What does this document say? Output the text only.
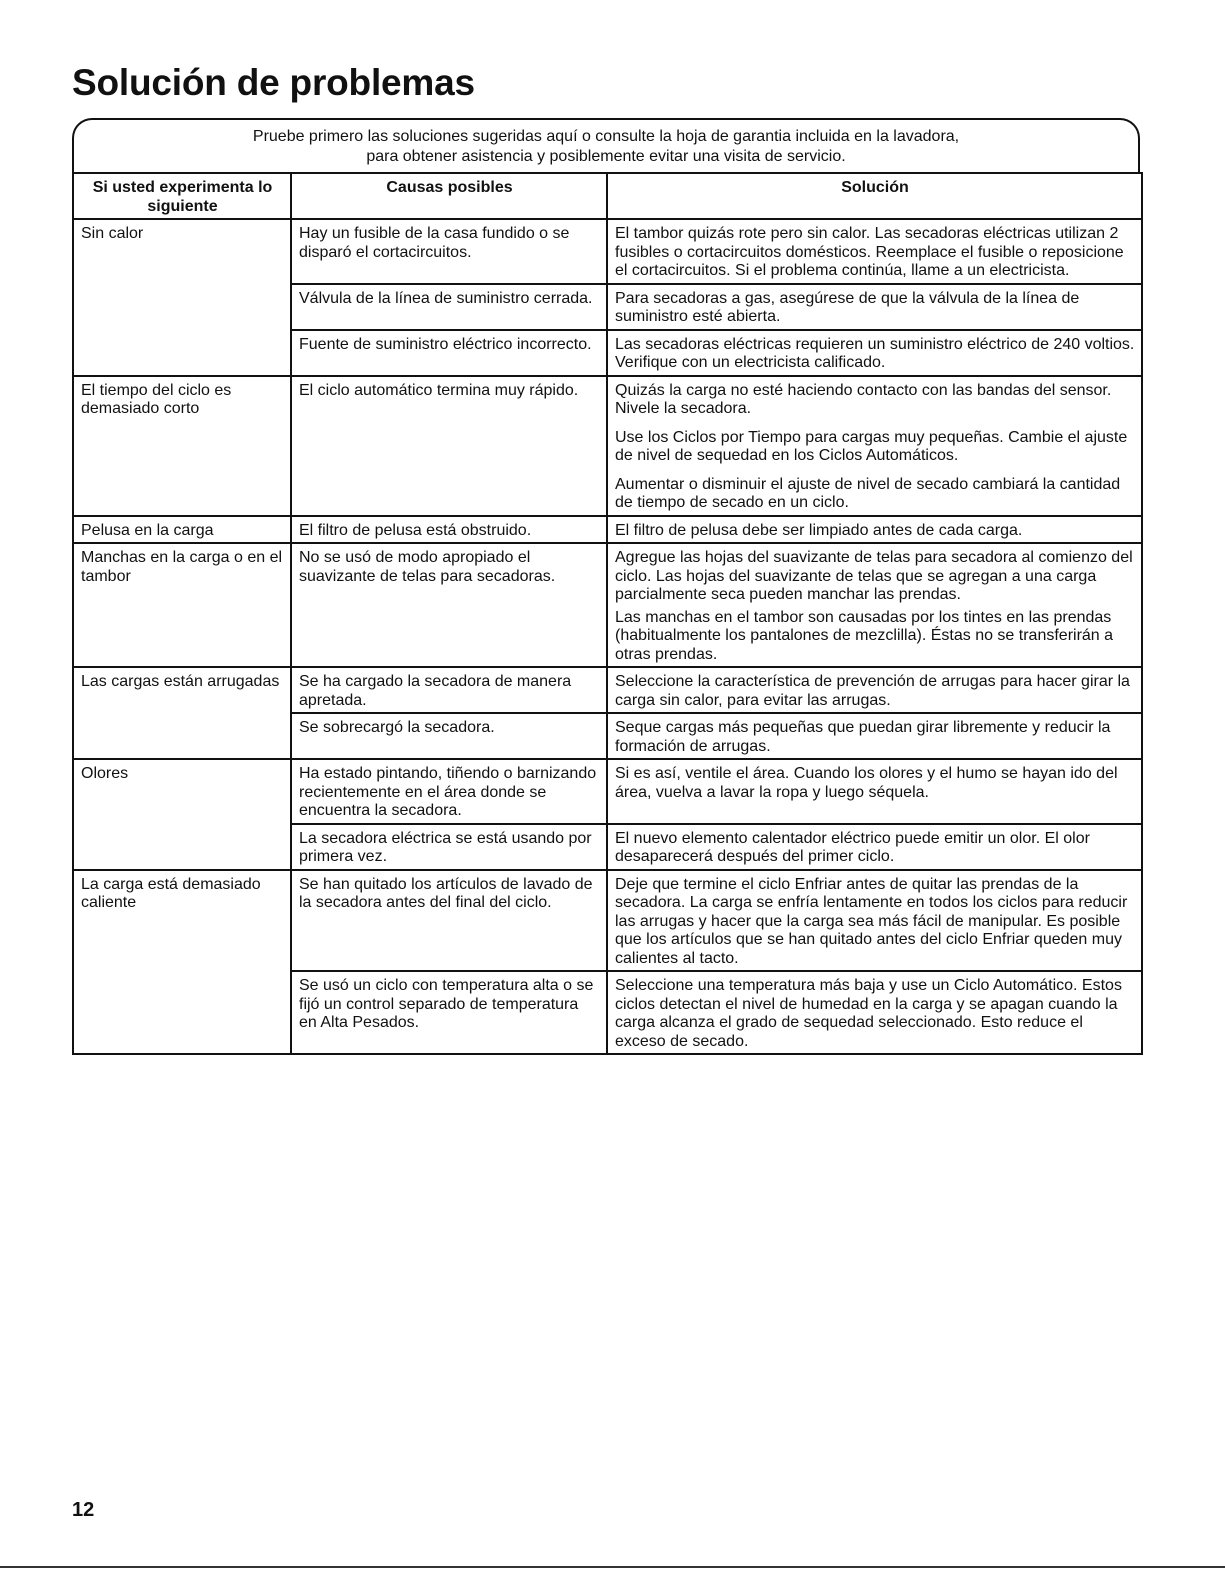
Solución de problemas
Pruebe primero las soluciones sugeridas aquí o consulte la hoja de garantia incluida en la lavadora,
para obtener asistencia y posiblemente evitar una visita de servicio.
Si usted experimenta lo siguiente	Causas posibles	Solución
Sin calor	Hay un fusible de la casa fundido o se disparó el cortacircuitos.	El tambor quizás rote pero sin calor. Las secadoras eléctricas utilizan 2 fusibles o cortacircuitos domésticos. Reemplace el fusible o reposicione el cortacircuitos. Si el problema continúa, llame a un electricista.

	Válvula de la línea de suministro cerrada.	Para secadoras a gas, asegúrese de que la válvula de la línea de suministro esté abierta.

	Fuente de suministro eléctrico incorrecto.	Las secadoras eléctricas requieren un suministro eléctrico de 240 voltios. Verifique con un electricista calificado.

El tiempo del ciclo es demasiado corto	El ciclo automático termina muy rápido.	Quizás la carga no esté haciendo contacto con las bandas del sensor. Nivele la secadora.
Use los Ciclos por Tiempo para cargas muy pequeñas. Cambie el ajuste de nivel de sequedad en los Ciclos Automáticos.
Aumentar o disminuir el ajuste de nivel de secado cambiará la cantidad de tiempo de secado en un ciclo.

Pelusa en la carga	El filtro de pelusa está obstruido.	El filtro de pelusa debe ser limpiado antes de cada carga.

Manchas en la carga o en el tambor	No se usó de modo apropiado el suavizante de telas para secadoras.	Agregue las hojas del suavizante de telas para secadora al comienzo del ciclo. Las hojas del suavizante de telas que se agregan a una carga parcialmente seca pueden manchar las prendas.
Las manchas en el tambor son causadas por los tintes en las prendas (habitualmente los pantalones de mezclilla). Éstas no se transferirán a otras prendas.

Las cargas están arrugadas	Se ha cargado la secadora de manera apretada.	Seleccione la característica de prevención de arrugas para hacer girar la carga sin calor, para evitar las arrugas.

	Se sobrecargó la secadora.	Seque cargas más pequeñas que puedan girar libremente y reducir la formación de arrugas.

Olores	Ha estado pintando, tiñendo o barnizando recientemente en el área donde se encuentra la secadora.	Si es así, ventile el área. Cuando los olores y el humo se hayan ido del área, vuelva a lavar la ropa y luego séquela.

	La secadora eléctrica se está usando por primera vez.	El nuevo elemento calentador eléctrico puede emitir un olor. El olor desaparecerá después del primer ciclo.

La carga está demasiado caliente	Se han quitado los artículos de lavado de la secadora antes del final del ciclo.	Deje que termine el ciclo Enfriar antes de quitar las prendas de la secadora. La carga se enfría lentamente en todos los ciclos para reducir las arrugas y hacer que la carga sea más fácil de manipular. Es posible que los artículos que se han quitado antes del ciclo Enfriar queden muy calientes al tacto.

	Se usó un ciclo con temperatura alta o se fijó un control separado de temperatura en Alta Pesados.	Seleccione una temperatura más baja y use un Ciclo Automático. Estos ciclos detectan el nivel de humedad en la carga y se apagan cuando la carga alcanza el grado de sequedad seleccionado. Esto reduce el exceso de secado.
12
